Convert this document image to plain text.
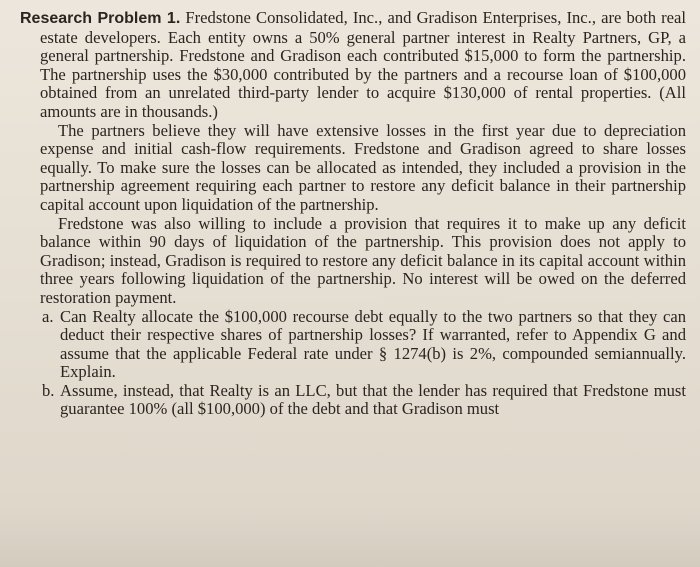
Research Problem 1. Fredstone Consolidated, Inc., and Gradison Enterprises, Inc., are both real estate developers. Each entity owns a 50% general partner interest in Realty Partners, GP, a general partnership. Fredstone and Gradison each contributed $15,000 to form the partnership. The partnership uses the $30,000 contributed by the partners and a recourse loan of $100,000 obtained from an unrelated third-party lender to acquire $130,000 of rental properties. (All amounts are in thousands.)

The partners believe they will have extensive losses in the first year due to depreciation expense and initial cash-flow requirements. Fredstone and Gradison agreed to share losses equally. To make sure the losses can be allocated as intended, they included a provision in the partnership agreement requiring each partner to restore any deficit balance in their partnership capital account upon liquidation of the partnership.

Fredstone was also willing to include a provision that requires it to make up any deficit balance within 90 days of liquidation of the partnership. This provision does not apply to Gradison; instead, Gradison is required to restore any deficit balance in its capital account within three years following liquidation of the partnership. No interest will be owed on the deferred restoration payment.

a. Can Realty allocate the $100,000 recourse debt equally to the two partners so that they can deduct their respective shares of partnership losses? If warranted, refer to Appendix G and assume that the applicable Federal rate under § 1274(b) is 2%, compounded semiannually. Explain.

b. Assume, instead, that Realty is an LLC, but that the lender has required that Fredstone must guarantee 100% (all $100,000) of the debt and that Gradison must
